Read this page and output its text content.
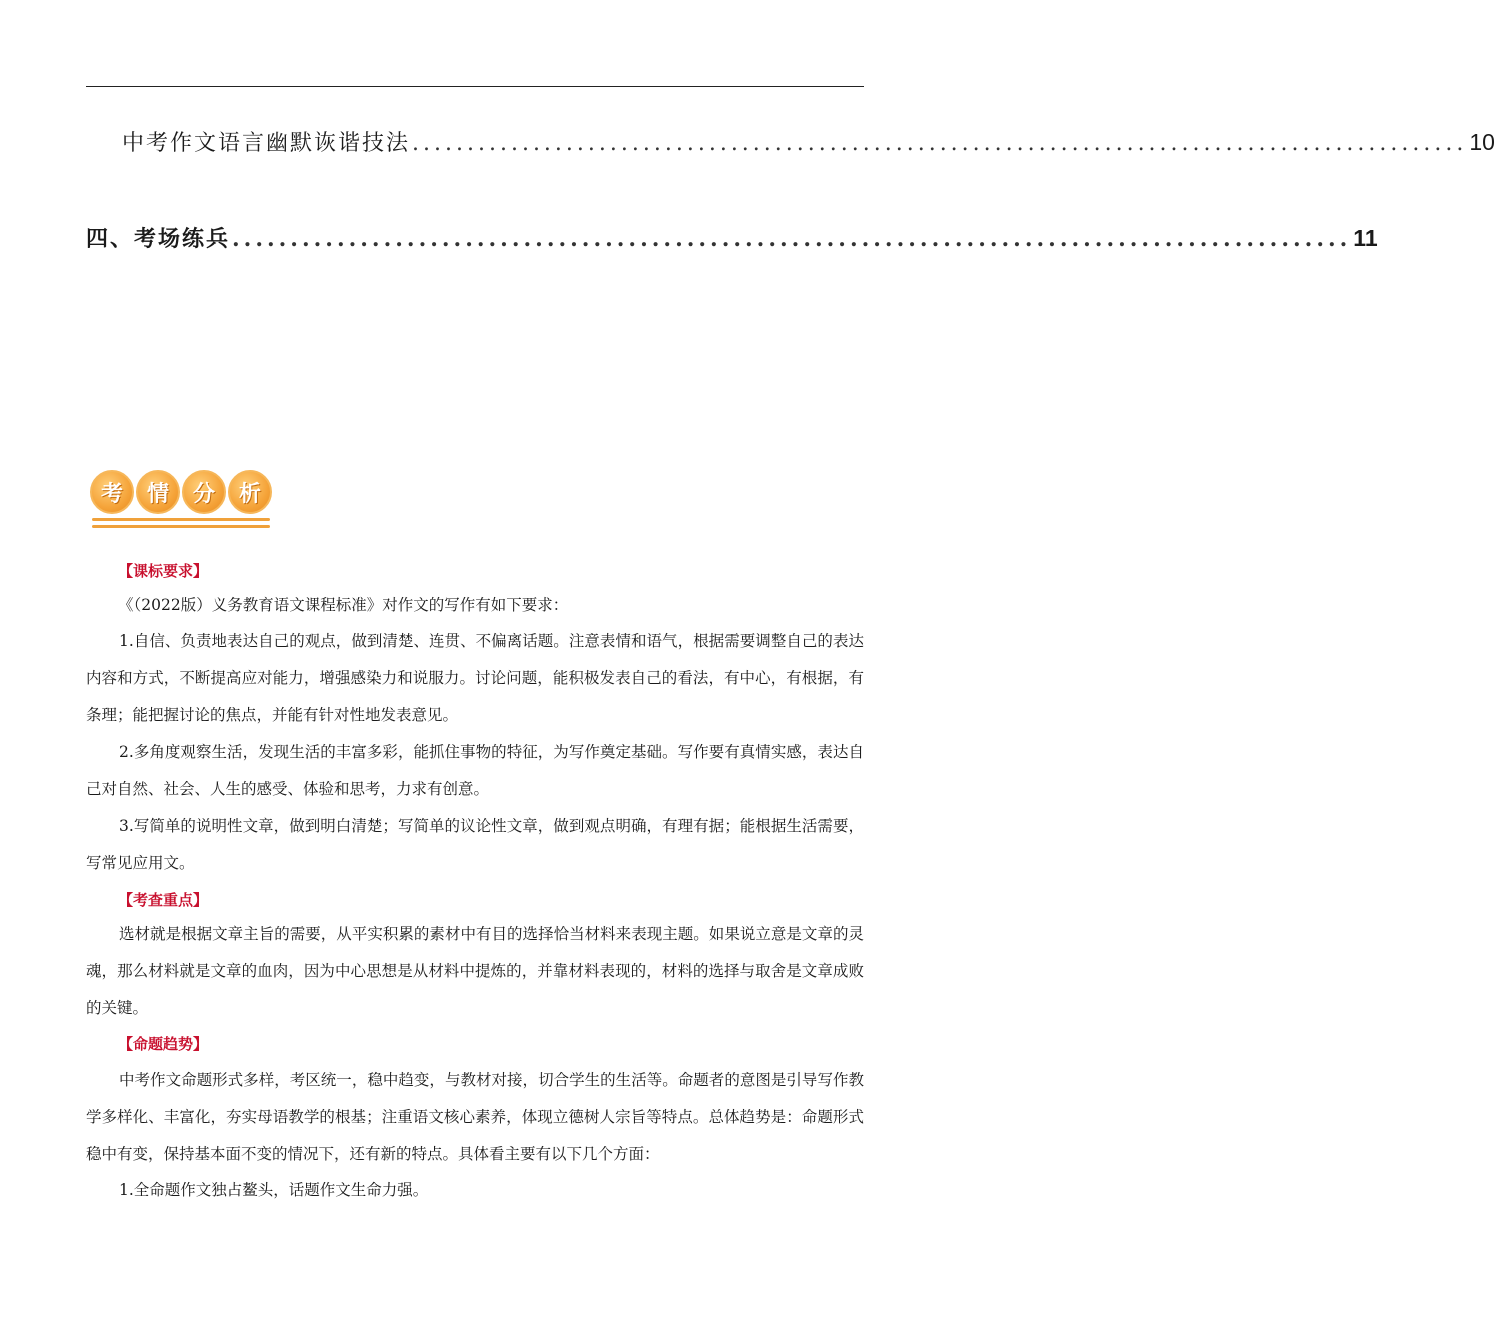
中考作文语言幽默诙谐技法 ................................................................................................ 10
四、考场练兵 ................................................................................................ 11
考	情	分	析
【课标要求】
《（2022版）义务教育语文课程标准》对作文的写作有如下要求：
1.自信、负责地表达自己的观点，做到清楚、连贯、不偏离话题。注意表情和语气，根据需要调整自己的表达内容和方式，不断提高应对能力，增强感染力和说服力。讨论问题，能积极发表自己的看法，有中心，有根据，有条理；能把握讨论的焦点，并能有针对性地发表意见。
2.多角度观察生活，发现生活的丰富多彩，能抓住事物的特征，为写作奠定基础。写作要有真情实感，表达自己对自然、社会、人生的感受、体验和思考，力求有创意。
3.写简单的说明性文章，做到明白清楚；写简单的议论性文章，做到观点明确，有理有据；能根据生活需要，写常见应用文。
【考查重点】
选材就是根据文章主旨的需要，从平实积累的素材中有目的选择恰当材料来表现主题。如果说立意是文章的灵魂，那么材料就是文章的血肉，因为中心思想是从材料中提炼的，并靠材料表现的，材料的选择与取舍是文章成败的关键。
【命题趋势】
中考作文命题形式多样，考区统一，稳中趋变，与教材对接，切合学生的生活等。命题者的意图是引导写作教学多样化、丰富化，夯实母语教学的根基；注重语文核心素养，体现立德树人宗旨等特点。总体趋势是：命题形式稳中有变，保持基本面不变的情况下，还有新的特点。具体看主要有以下几个方面：
1.全命题作文独占鳌头，话题作文生命力强。
